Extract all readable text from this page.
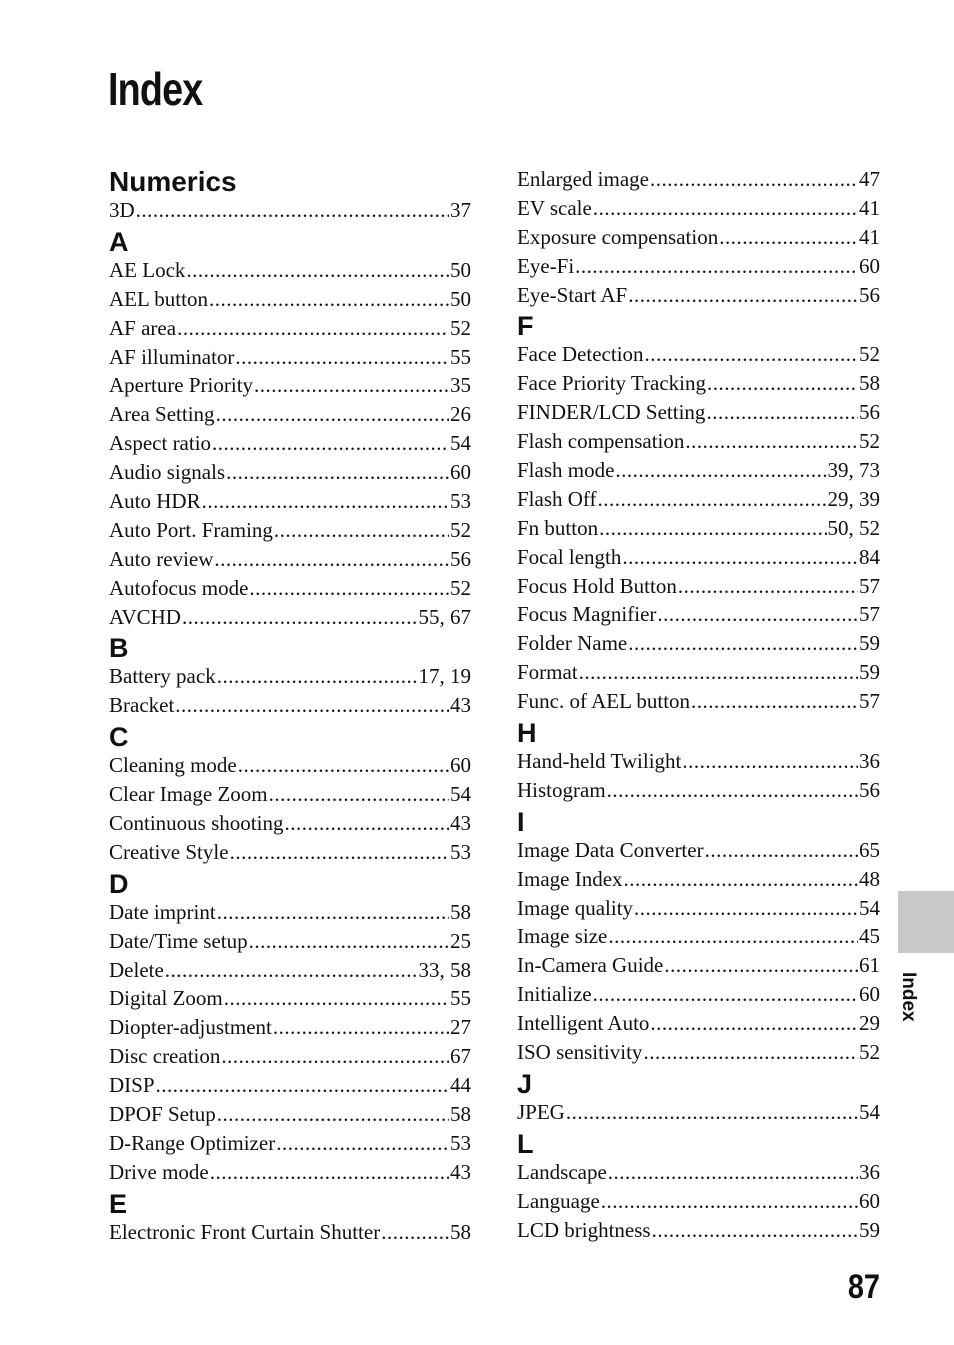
Index
Numerics
3D .....	37
A
AE Lock .....	50
AEL button .....	50
AF area .....	52
AF illuminator .....	55
Aperture Priority .....	35
Area Setting .....	26
Aspect ratio .....	54
Audio signals .....	60
Auto HDR .....	53
Auto Port. Framing .....	52
Auto review .....	56
Autofocus mode .....	52
AVCHD .....	55, 67
B
Battery pack .....	17, 19
Bracket .....	43
C
Cleaning mode .....	60
Clear Image Zoom .....	54
Continuous shooting .....	43
Creative Style .....	53
D
Date imprint .....	58
Date/Time setup .....	25
Delete .....	33, 58
Digital Zoom .....	55
Diopter-adjustment .....	27
Disc creation .....	67
DISP .....	44
DPOF Setup .....	58
D-Range Optimizer .....	53
Drive mode .....	43
E
Electronic Front Curtain Shutter .....	58
Enlarged image .....	47
EV scale .....	41
Exposure compensation .....	41
Eye-Fi .....	60
Eye-Start AF .....	56
F
Face Detection .....	52
Face Priority Tracking .....	58
FINDER/LCD Setting .....	56
Flash compensation .....	52
Flash mode .....	39, 73
Flash Off .....	29, 39
Fn button .....	50, 52
Focal length .....	84
Focus Hold Button .....	57
Focus Magnifier .....	57
Folder Name .....	59
Format .....	59
Func. of AEL button .....	57
H
Hand-held Twilight .....	36
Histogram .....	56
I
Image Data Converter .....	65
Image Index .....	48
Image quality .....	54
Image size .....	45
In-Camera Guide .....	61
Initialize .....	60
Intelligent Auto .....	29
ISO sensitivity .....	52
J
JPEG .....	54
L
Landscape .....	36
Language .....	60
LCD brightness .....	59
Index
87
